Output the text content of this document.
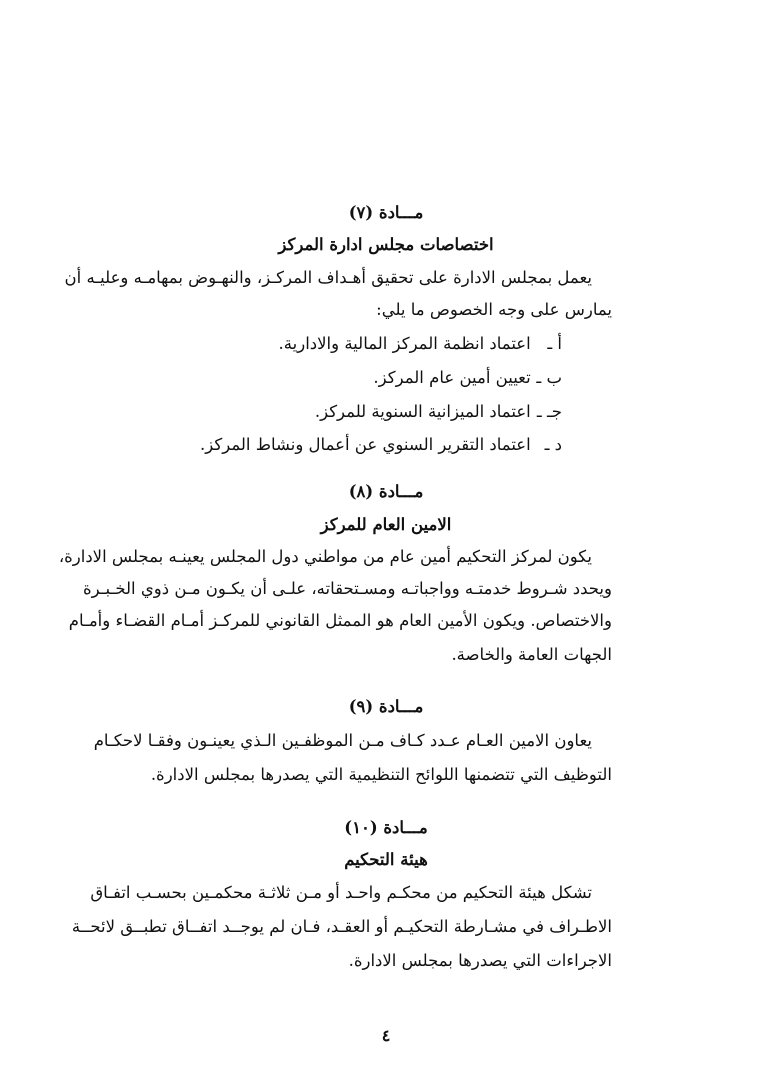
مـــادة (٧)
اختصاصات مجلس ادارة المركز
يعمل بمجلس الادارة على تحقيق أهـداف المركـز، والنهـوض بمهامـه وعليـه أن
يمارس على وجه الخصوص ما يلي:
أ ـ اعتماد انظمة المركز المالية والادارية.
ب ـ تعيين أمين عام المركز.
جـ ـ اعتماد الميزانية السنوية للمركز.
د ـ اعتماد التقرير السنوي عن أعمال ونشاط المركز.
مـــادة (٨)
الامين العام للمركز
يكون لمركز التحكيم أمين عام من مواطني دول المجلس يعينـه بمجلس الادارة،
ويحدد شـروط خدمتـه وواجباتـه ومسـتحقاته، علـى أن يكـون مـن ذوي الخـبـرة
والاختصاص. ويكون الأمين العام هو الممثل القانوني للمركـز أمـام القضـاء وأمـام
الجهات العامة والخاصة.
مـــادة (٩)
يعاون الامين العـام عـدد كـاف مـن الموظفـين الـذي يعينـون وفقـا لاحكـام
التوظيف التي تتضمنها اللوائح التنظيمية التي يصدرها بمجلس الادارة.
مـــادة (١٠)
هيئة التحكيم
تشكل هيئة التحكيم من محكـم واحـد أو مـن ثلاثـة محكمـين بحسـب اتفـاق
الاطـراف في مشـارطة التحكيـم أو العقـد، فـان لم يوجــد اتفــاق تطبــق لائحــة
الاجراءات التي يصدرها بمجلس الادارة.
٤
